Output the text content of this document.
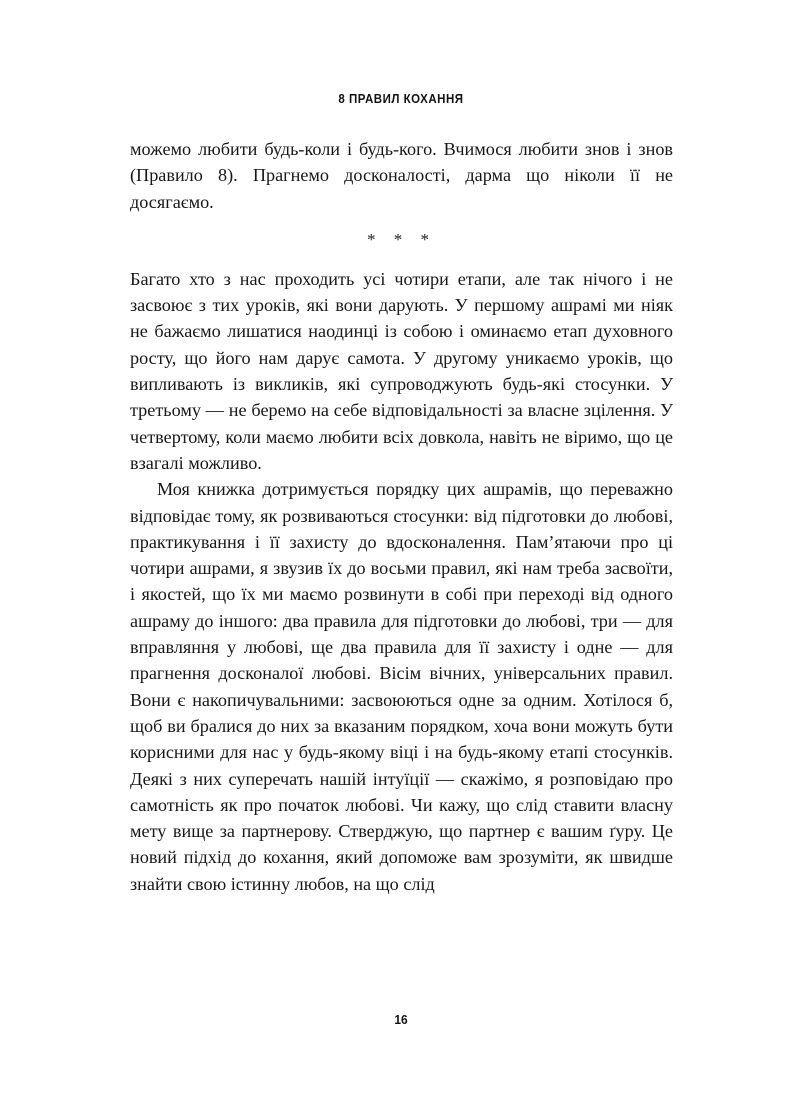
8 ПРАВИЛ КОХАННЯ

можемо любити будь-коли і будь-кого. Вчимося любити знов і знов (Правило 8). Прагнемо досконалості, дарма що ніколи її не досягаємо.

* * *

Багато хто з нас проходить усі чотири етапи, але так нічого і не засвоює з тих уроків, які вони дарують. У першому ашрамі ми ніяк не бажаємо лишатися наодинці із собою і оминаємо етап духовного росту, що його нам дарує самота. У другому уникаємо уроків, що випливають із викликів, які супроводжують будь-які стосунки. У третьому — не беремо на себе відповідальності за власне зцілення. У четвертому, коли маємо любити всіх довкола, навіть не віримо, що це взагалі можливо.

Моя книжка дотримується порядку цих ашрамів, що переважно відповідає тому, як розвиваються стосунки: від підготовки до любові, практикування і її захисту до вдосконалення. Пам’ятаючи про ці чотири ашрами, я звузив їх до восьми правил, які нам треба засвоїти, і якостей, що їх ми маємо розвинути в собі при переході від одного ашраму до іншого: два правила для підготовки до любові, три — для вправляння у любові, ще два правила для її захисту і одне — для прагнення досконалої любові. Вісім вічних, універсальних правил. Вони є накопичувальними: засвоюються одне за одним. Хотілося б, щоб ви бралися до них за вказаним порядком, хоча вони можуть бути корисними для нас у будь-якому віці і на будь-якому етапі стосунків. Деякі з них суперечать нашій інтуїції — скажімо, я розповідаю про самотність як про початок любові. Чи кажу, що слід ставити власну мету вище за партнерову. Стверджую, що партнер є вашим ґуру. Це новий підхід до кохання, який допоможе вам зрозуміти, як швидше знайти свою істинну любов, на що слід

16
